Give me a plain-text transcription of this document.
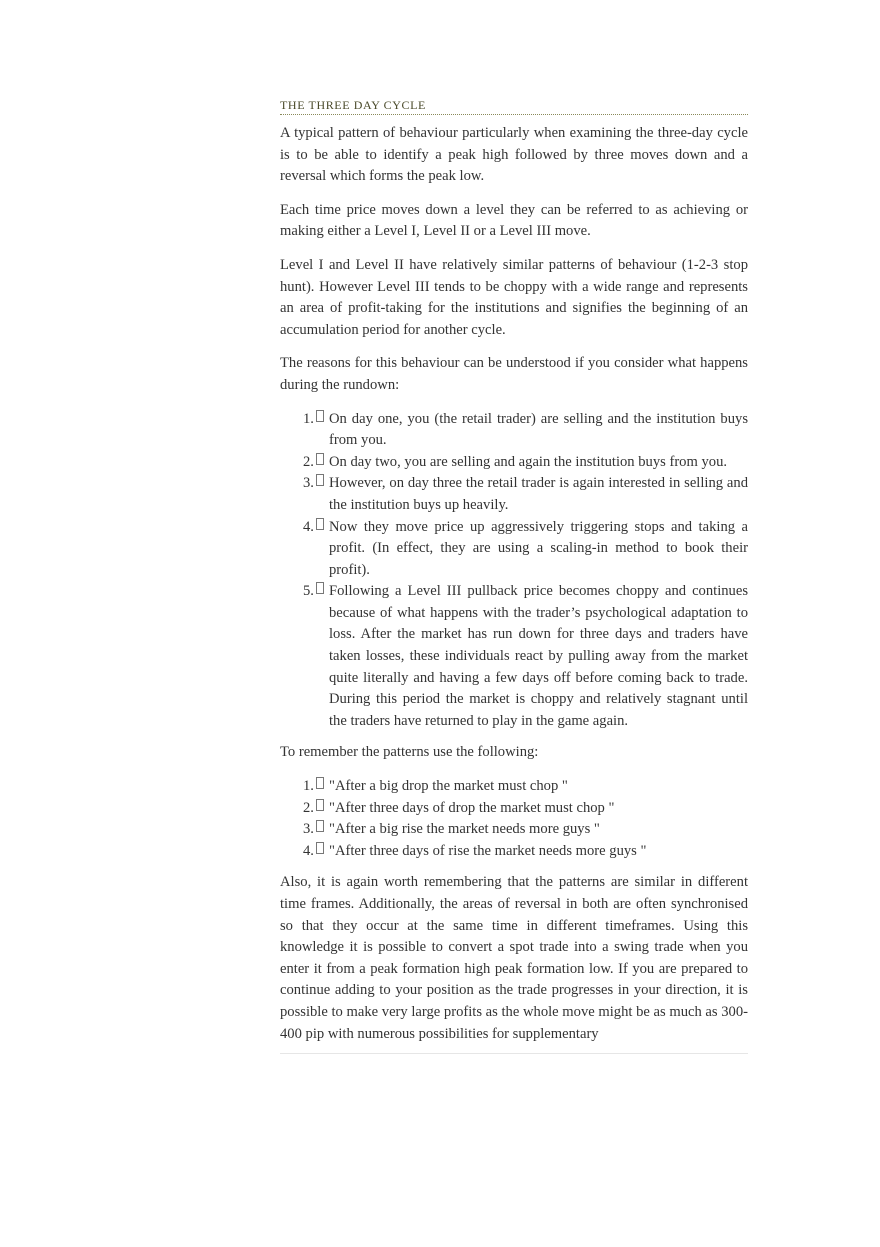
THE THREE DAY CYCLE

A typical pattern of behaviour particularly when examining the three-day cycle is to be able to identify a peak high followed by three moves down and a reversal which forms the peak low.

Each time price moves down a level they can be referred to as achieving or making either a Level I, Level II or a Level III move.

Level I and Level II have relatively similar patterns of behaviour (1-2-3 stop hunt). However Level III tends to be choppy with a wide range and represents an area of profit-taking for the institutions and signifies the beginning of an accumulation period for another cycle.

The reasons for this behaviour can be understood if you consider what happens during the rundown:

1.	On day one, you (the retail trader) are selling and the institution buys from you.
2.	On day two, you are selling and again the institution buys from you.
3.	However, on day three the retail trader is again interested in selling and the institution buys up heavily.
4.	Now they move price up aggressively triggering stops and taking a profit. (In effect, they are using a scaling-in method to book their profit).
5.	Following a Level III pullback price becomes choppy and continues because of what happens with the trader’s psychological adaptation to loss. After the market has run down for three days and traders have taken losses, these individuals react by pulling away from the market quite literally and having a few days off before coming back to trade. During this period the market is choppy and relatively stagnant until the traders have returned to play in the game again.

To remember the patterns use the following:

1.	"After a big drop the market must chop "
2.	"After three days of drop the market must chop "
3.	"After a big rise the market needs more guys "
4.	"After three days of rise the market needs more guys "

Also, it is again worth remembering that the patterns are similar in different time frames. Additionally, the areas of reversal in both are often synchronised so that they occur at the same time in different timeframes. Using this knowledge it is possible to convert a spot trade into a swing trade when you enter it from a peak formation high peak formation low. If you are prepared to continue adding to your position as the trade progresses in your direction, it is possible to make very large profits as the whole move might be as much as 300-400 pip with numerous possibilities for supplementary
